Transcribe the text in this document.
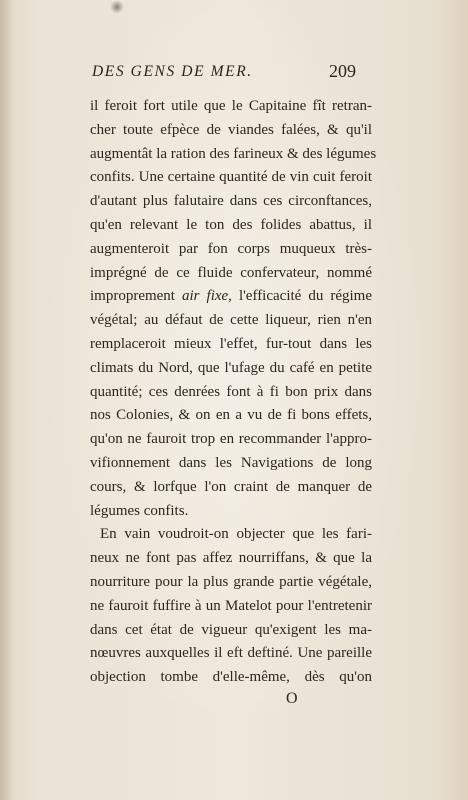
DES GENS DE MER.	209
il feroit fort utile que le Capitaine fît retran-
cher toute efpèce de viandes falées, & qu'il
augmentât la ration des farineux & des légumes
confits. Une certaine quantité de vin cuit feroit
d'autant plus falutaire dans ces circonftances,
qu'en relevant le ton des folides abattus, il
augmenteroit par fon corps muqueux très-
imprégné de ce fluide confervateur, nommé
improprement air fixe, l'efficacité du régime
végétal; au défaut de cette liqueur, rien n'en
remplaceroit mieux l'effet, fur-tout dans les
climats du Nord, que l'ufage du café en petite
quantité; ces denrées font à fi bon prix dans
nos Colonies, & on en a vu de fi bons effets,
qu'on ne fauroit trop en recommander l'appro-
vifionnement dans les Navigations de long
cours, & lorfque l'on craint de manquer de
légumes confits.
En vain voudroit-on objecter que les fari-
neux ne font pas affez nourriffans, & que la
nourriture pour la plus grande partie végétale,
ne fauroit fuffire à un Matelot pour l'entretenir
dans cet état de vigueur qu'exigent les ma-
nœuvres auxquelles il eft deftiné. Une pareille
objection tombe d'elle-même, dès qu'on
O
